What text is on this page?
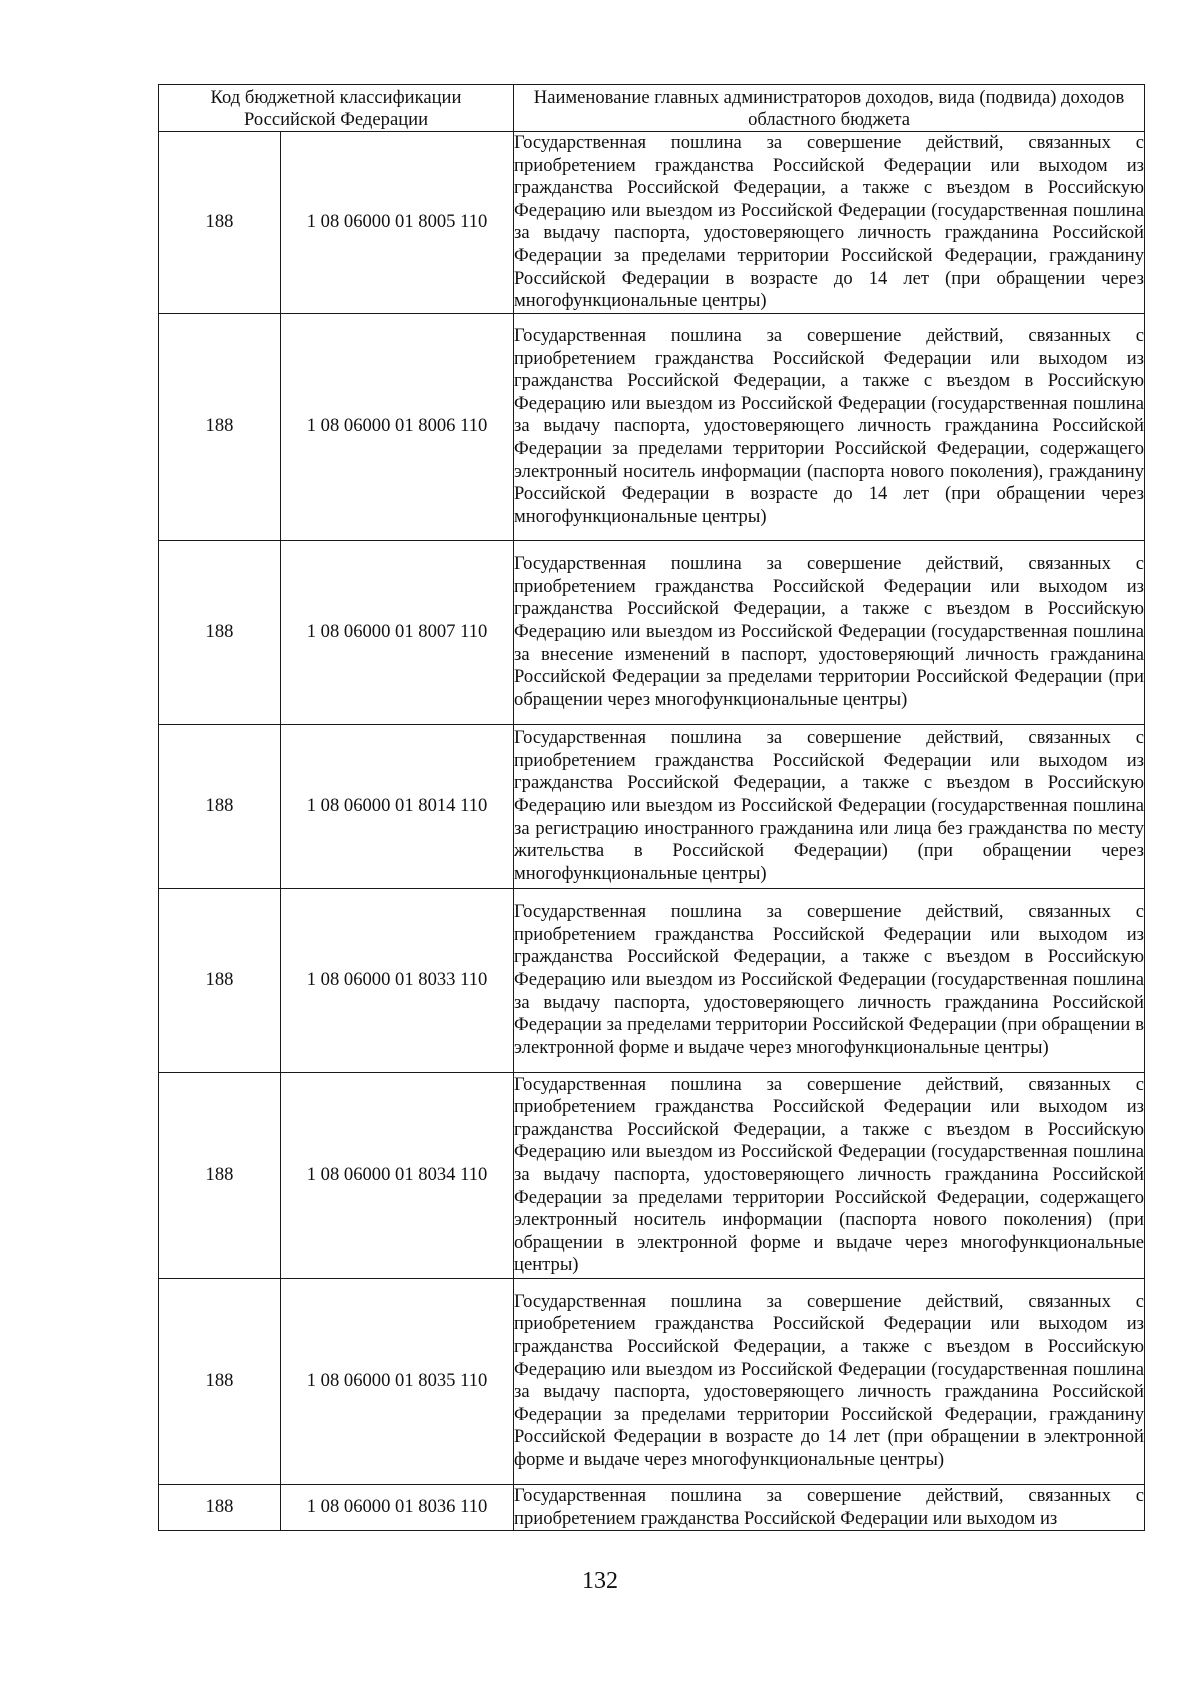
Код бюджетной классификации Российской Федерации		Наименование главных администраторов доходов, вида (подвида) доходов областного бюджета
188	1 08 06000 01 8005 110	Государственная пошлина за совершение действий, связанных с приобретением гражданства Российской Федерации или выходом из гражданства Российской Федерации, а также с въездом в Российскую Федерацию или выездом из Российской Федерации (государственная пошлина за выдачу паспорта, удостоверяющего личность гражданина Российской Федерации за пределами территории Российской Федерации, гражданину Российской Федерации в возрасте до 14 лет (при обращении через многофункциональные центры)
188	1 08 06000 01 8006 110	Государственная пошлина за совершение действий, связанных с приобретением гражданства Российской Федерации или выходом из гражданства Российской Федерации, а также с въездом в Российскую Федерацию или выездом из Российской Федерации (государственная пошлина за выдачу паспорта, удостоверяющего личность гражданина Российской Федерации за пределами территории Российской Федерации, содержащего электронный носитель информации (паспорта нового поколения), гражданину Российской Федерации в возрасте до 14 лет (при обращении через многофункциональные центры)
188	1 08 06000 01 8007 110	Государственная пошлина за совершение действий, связанных с приобретением гражданства Российской Федерации или выходом из гражданства Российской Федерации, а также с въездом в Российскую Федерацию или выездом из Российской Федерации (государственная пошлина за внесение изменений в паспорт, удостоверяющий личность гражданина Российской Федерации за пределами территории Российской Федерации (при обращении через многофункциональные центры)
188	1 08 06000 01 8014 110	Государственная пошлина за совершение действий, связанных с приобретением гражданства Российской Федерации или выходом из гражданства Российской Федерации, а также с въездом в Российскую Федерацию или выездом из Российской Федерации (государственная пошлина за регистрацию иностранного гражданина или лица без гражданства по месту жительства в Российской Федерации) (при обращении через многофункциональные центры)
188	1 08 06000 01 8033 110	Государственная пошлина за совершение действий, связанных с приобретением гражданства Российской Федерации или выходом из гражданства Российской Федерации, а также с въездом в Российскую Федерацию или выездом из Российской Федерации (государственная пошлина за выдачу паспорта, удостоверяющего личность гражданина Российской Федерации за пределами территории Российской Федерации (при обращении в электронной форме и выдаче через многофункциональные центры)
188	1 08 06000 01 8034 110	Государственная пошлина за совершение действий, связанных с приобретением гражданства Российской Федерации или выходом из гражданства Российской Федерации, а также с въездом в Российскую Федерацию или выездом из Российской Федерации (государственная пошлина за выдачу паспорта, удостоверяющего личность гражданина Российской Федерации за пределами территории Российской Федерации, содержащего электронный носитель информации (паспорта нового поколения) (при обращении в электронной форме и выдаче через многофункциональные центры)
188	1 08 06000 01 8035 110	Государственная пошлина за совершение действий, связанных с приобретением гражданства Российской Федерации или выходом из гражданства Российской Федерации, а также с въездом в Российскую Федерацию или выездом из Российской Федерации (государственная пошлина за выдачу паспорта, удостоверяющего личность гражданина Российской Федерации за пределами территории Российской Федерации, гражданину Российской Федерации в возрасте до 14 лет (при обращении в электронной форме и выдаче через многофункциональные центры)
188	1 08 06000 01 8036 110	Государственная пошлина за совершение действий, связанных с приобретением гражданства Российской Федерации или выходом из
132
